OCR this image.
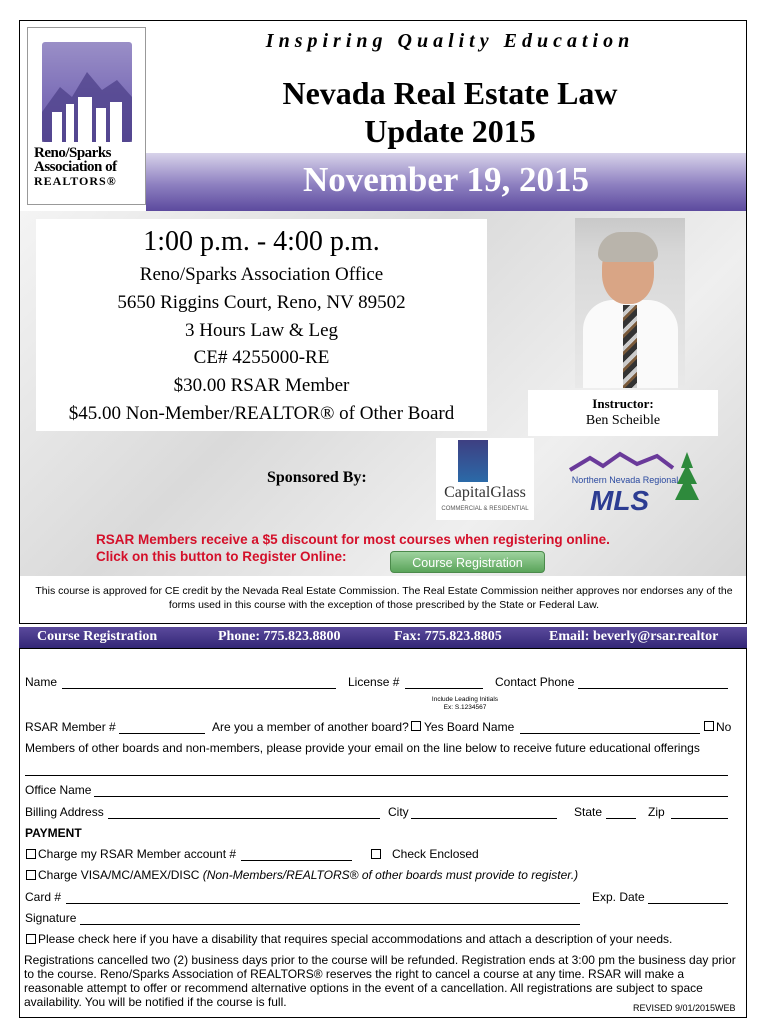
Reno/Sparks
Association of
REALTORS®
Inspiring Quality Education
Nevada Real Estate Law
Update 2015
November 19, 2015
1:00 p.m. - 4:00 p.m.
Reno/Sparks Association Office
5650 Riggins Court, Reno, NV 89502
3 Hours Law & Leg
CE# 4255000-RE
$30.00 RSAR Member
$45.00 Non-Member/REALTOR® of Other Board	Instructor:
Ben Scheible
Sponsored By:
CapitalGlass
COMMERCIAL & RESIDENTIAL
Northern Nevada Regional
MLS
RSAR Members receive a $5 discount for most courses when registering online.
Click on this button to Register Online:	Course Registration
This course is approved for CE credit by the Nevada Real Estate Commission. The Real Estate Commission neither approves nor endorses any of the forms used in this course with the exception of those prescribed by the State or Federal Law.
Course Registration	Phone: 775.823.8800	Fax: 775.823.8805	Email: beverly@rsar.realtor
Name	License #	Contact Phone
Include Leading Initials
Ex: S.1234567
RSAR Member #	Are you a member of another board? Yes Board Name	No
Members of other boards and non-members, please provide your email on the line below to receive future educational offerings
Office Name
Billing Address	City	State	Zip
PAYMENT
Charge my RSAR Member account #	Check Enclosed
Charge VISA/MC/AMEX/DISC (Non-Members/REALTORS® of other boards must provide to register.)
Card #	Exp. Date
Signature
Please check here if you have a disability that requires special accommodations and attach a description of your needs.
Registrations cancelled two (2) business days prior to the course will be refunded. Registration ends at 3:00 pm the business day prior to the course. Reno/Sparks Association of REALTORS® reserves the right to cancel a course at any time. RSAR will make a reasonable attempt to offer or recommend alternative options in the event of a cancellation. All registrations are subject to space availability. You will be notified if the course is full.	REVISED 9/01/2015WEB
